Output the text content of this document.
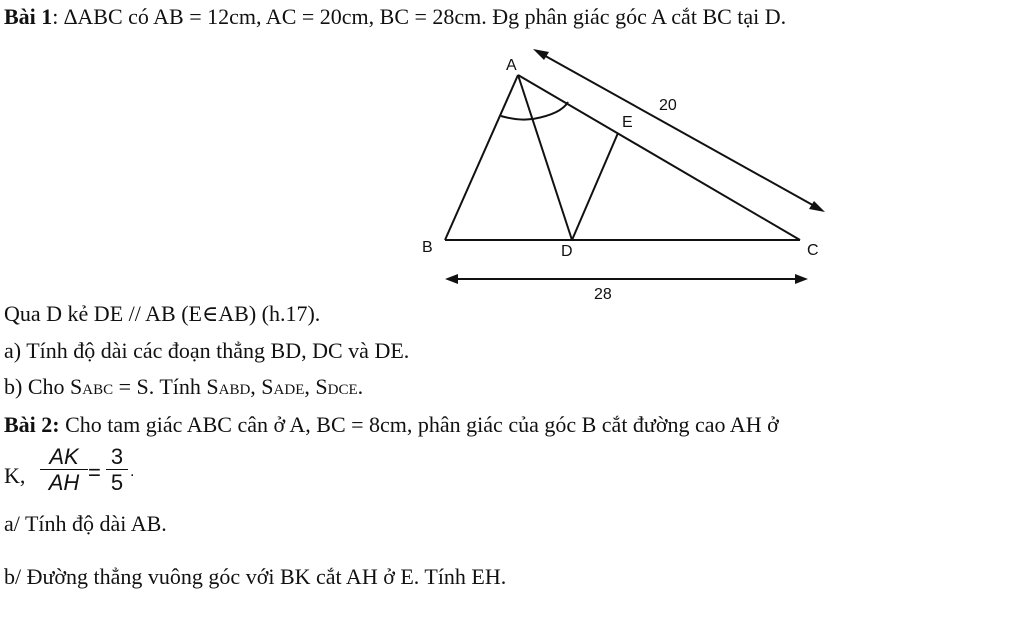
Bài 1: ∆ABC có AB = 12cm, AC = 20cm, BC = 28cm. Đg phân giác góc A cắt BC tại D.
A
B	C
D
E
20
28
Qua D kẻ DE // AB (E∈AB) (h.17).
a) Tính độ dài các đoạn thẳng BD, DC và DE.
b) Cho SABC = S. Tính SABD, SADE, SDCE.
Bài 2: Cho tam giác ABC cân ở A, BC = 8cm, phân giác của góc B cắt đường cao AH ở
K, $\frac{AK}{AH} = \frac{3}{5}$ .
a/ Tính độ dài AB.
b/ Đường thẳng vuông góc với BK cắt AH ở E. Tính EH.
